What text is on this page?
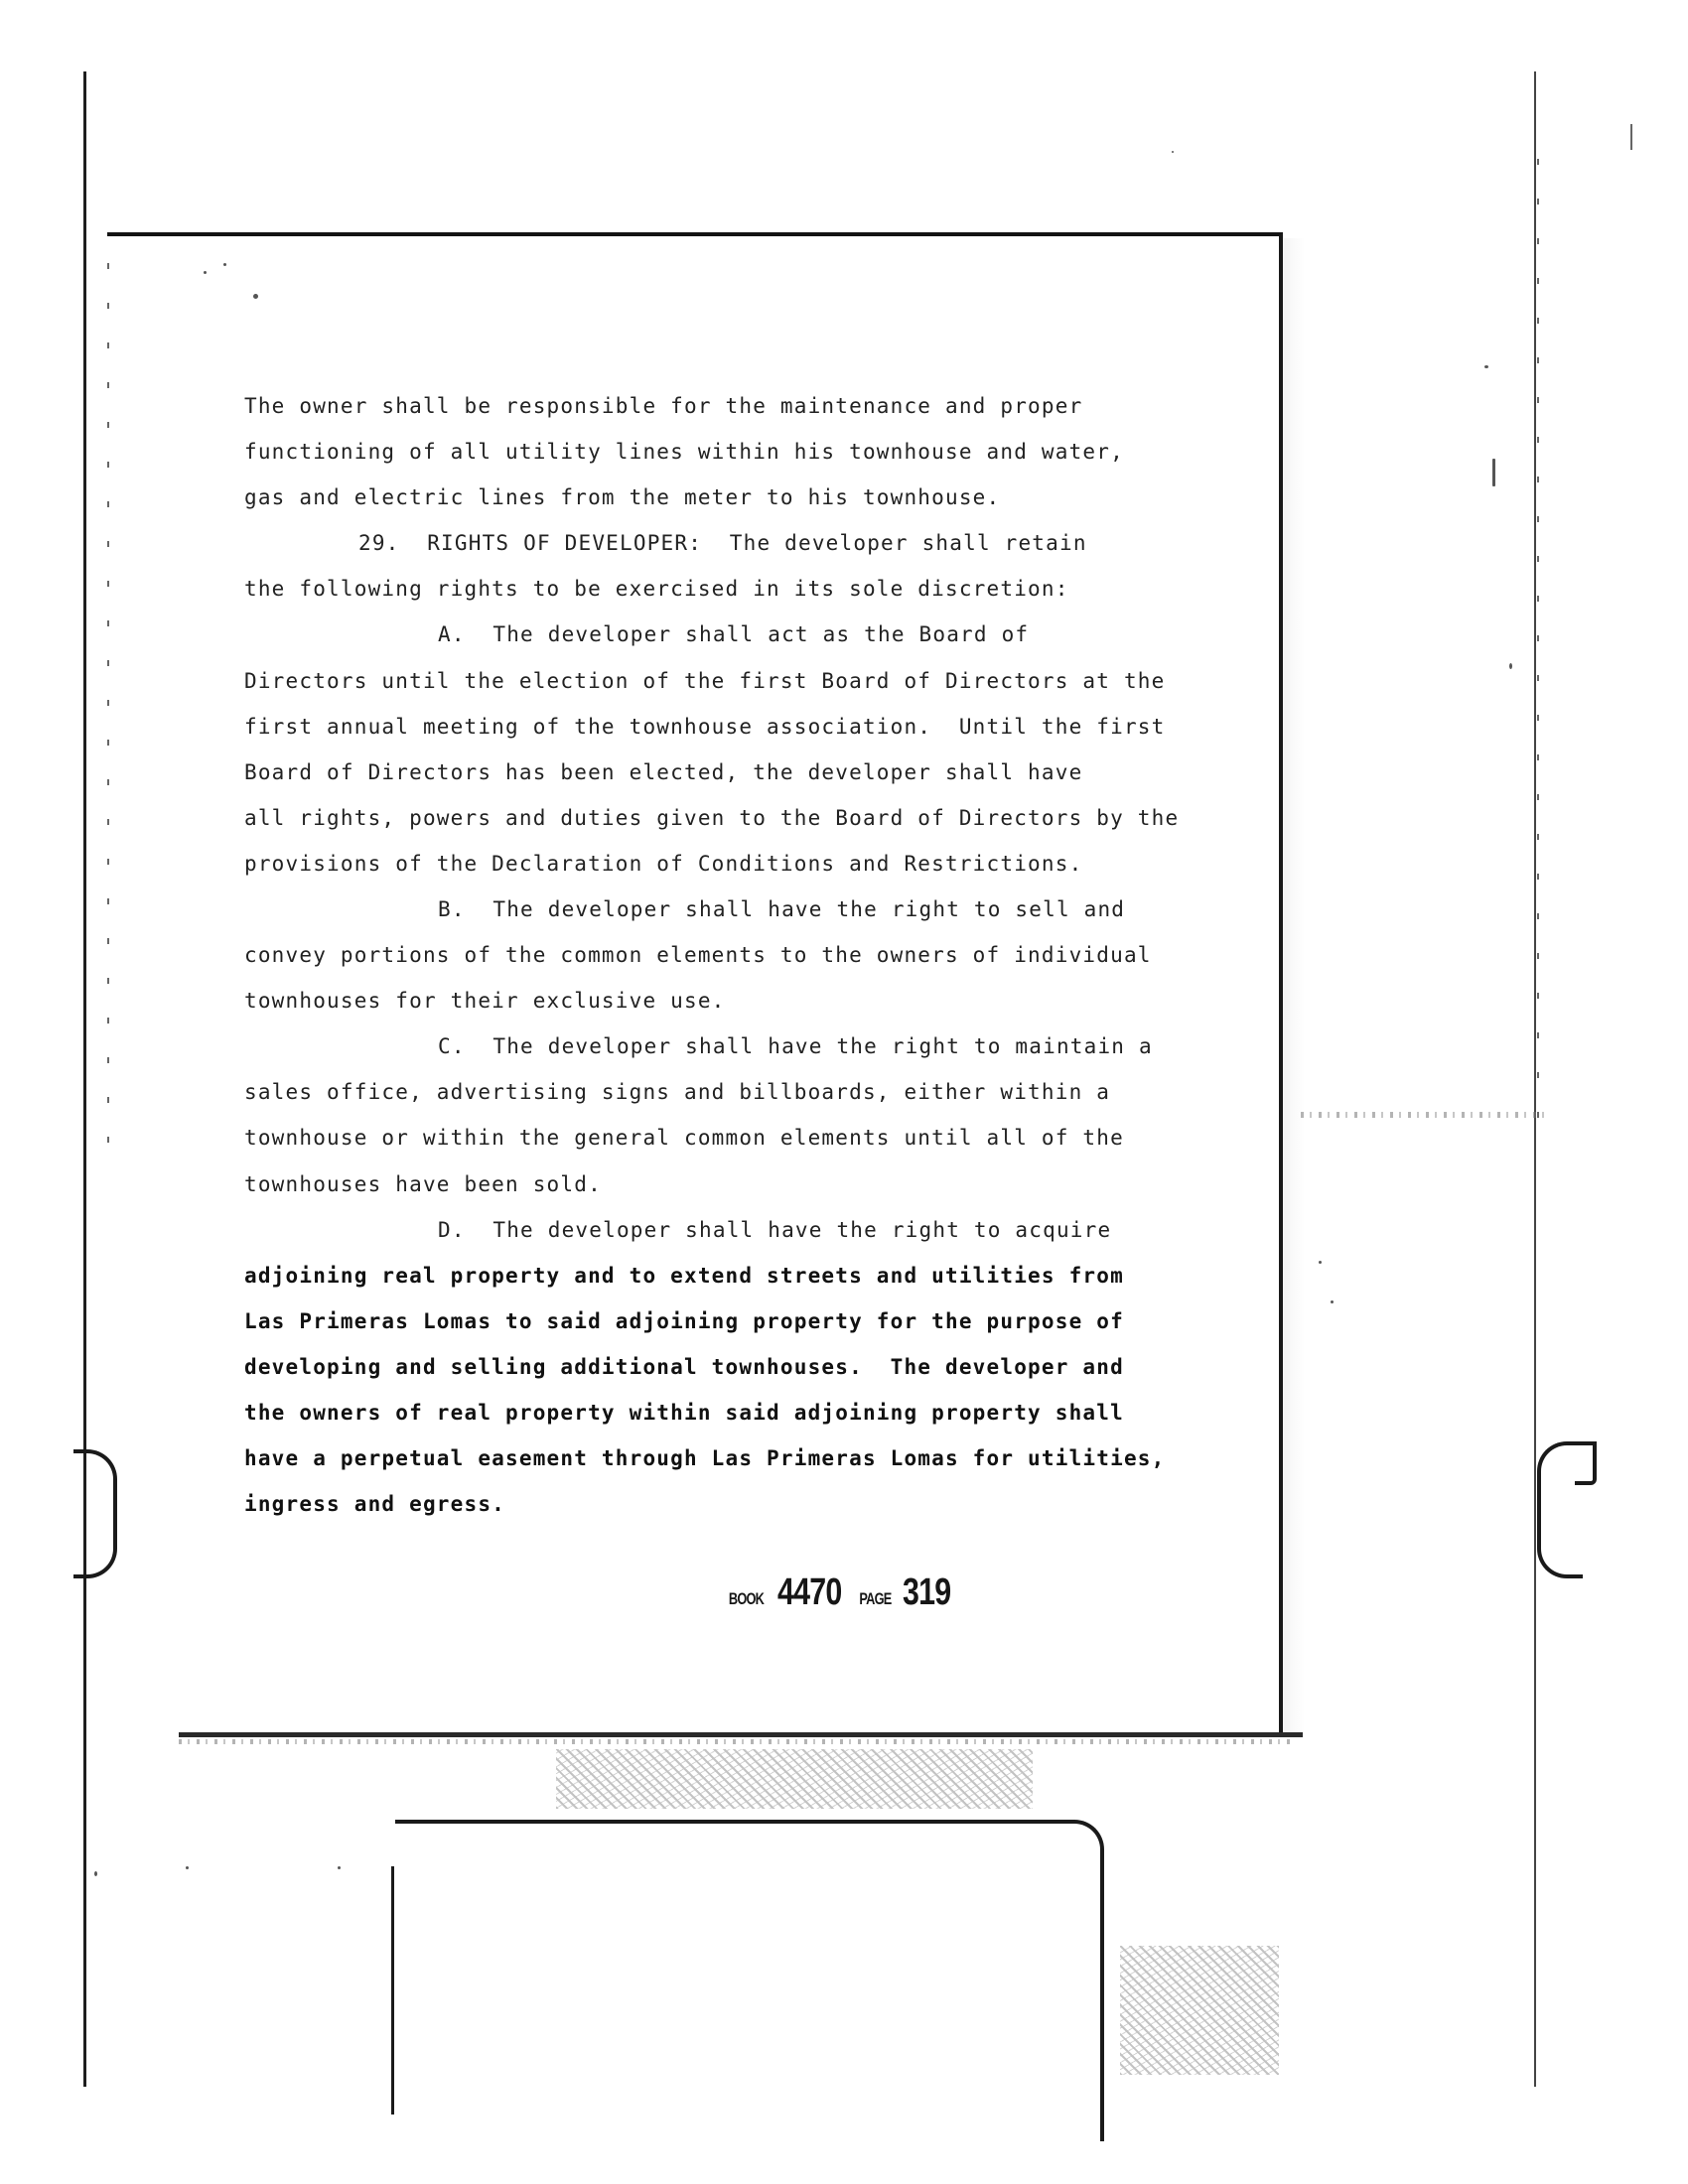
The owner shall be responsible for the maintenance and proper
functioning of all utility lines within his townhouse and water,
gas and electric lines from the meter to his townhouse.
29.  RIGHTS OF DEVELOPER:  The developer shall retain
the following rights to be exercised in its sole discretion:
A.  The developer shall act as the Board of
Directors until the election of the first Board of Directors at the
first annual meeting of the townhouse association.  Until the first
Board of Directors has been elected, the developer shall have
all rights, powers and duties given to the Board of Directors by the
provisions of the Declaration of Conditions and Restrictions.
B.  The developer shall have the right to sell and
convey portions of the common elements to the owners of individual
townhouses for their exclusive use.
C.  The developer shall have the right to maintain a
sales office, advertising signs and billboards, either within a
townhouse or within the general common elements until all of the
townhouses have been sold.
D.  The developer shall have the right to acquire
adjoining real property and to extend streets and utilities from
Las Primeras Lomas to said adjoining property for the purpose of
developing and selling additional townhouses.  The developer and
the owners of real property within said adjoining property shall
have a perpetual easement through Las Primeras Lomas for utilities,
ingress and egress.
BOOK 4470 PAGE 319
